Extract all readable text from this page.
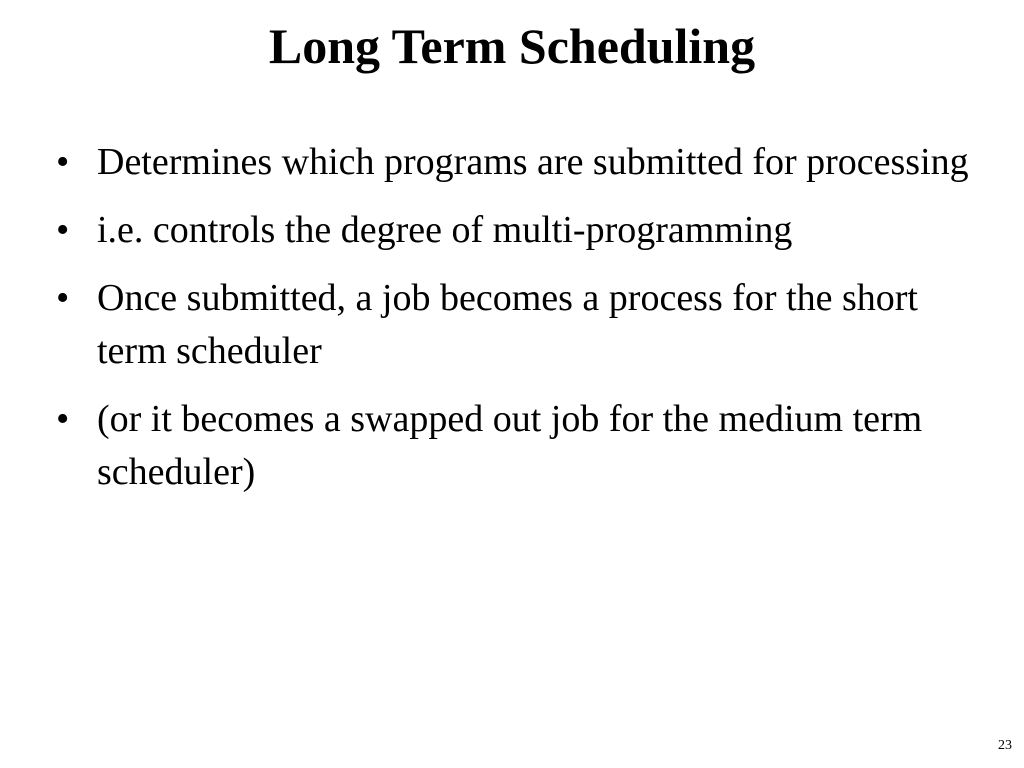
Long Term Scheduling
• Determines which programs are submitted for processing
• i.e. controls the degree of multi-programming
• Once submitted, a job becomes a process for the short term scheduler
• (or it becomes a swapped out job for the medium term scheduler)
23
